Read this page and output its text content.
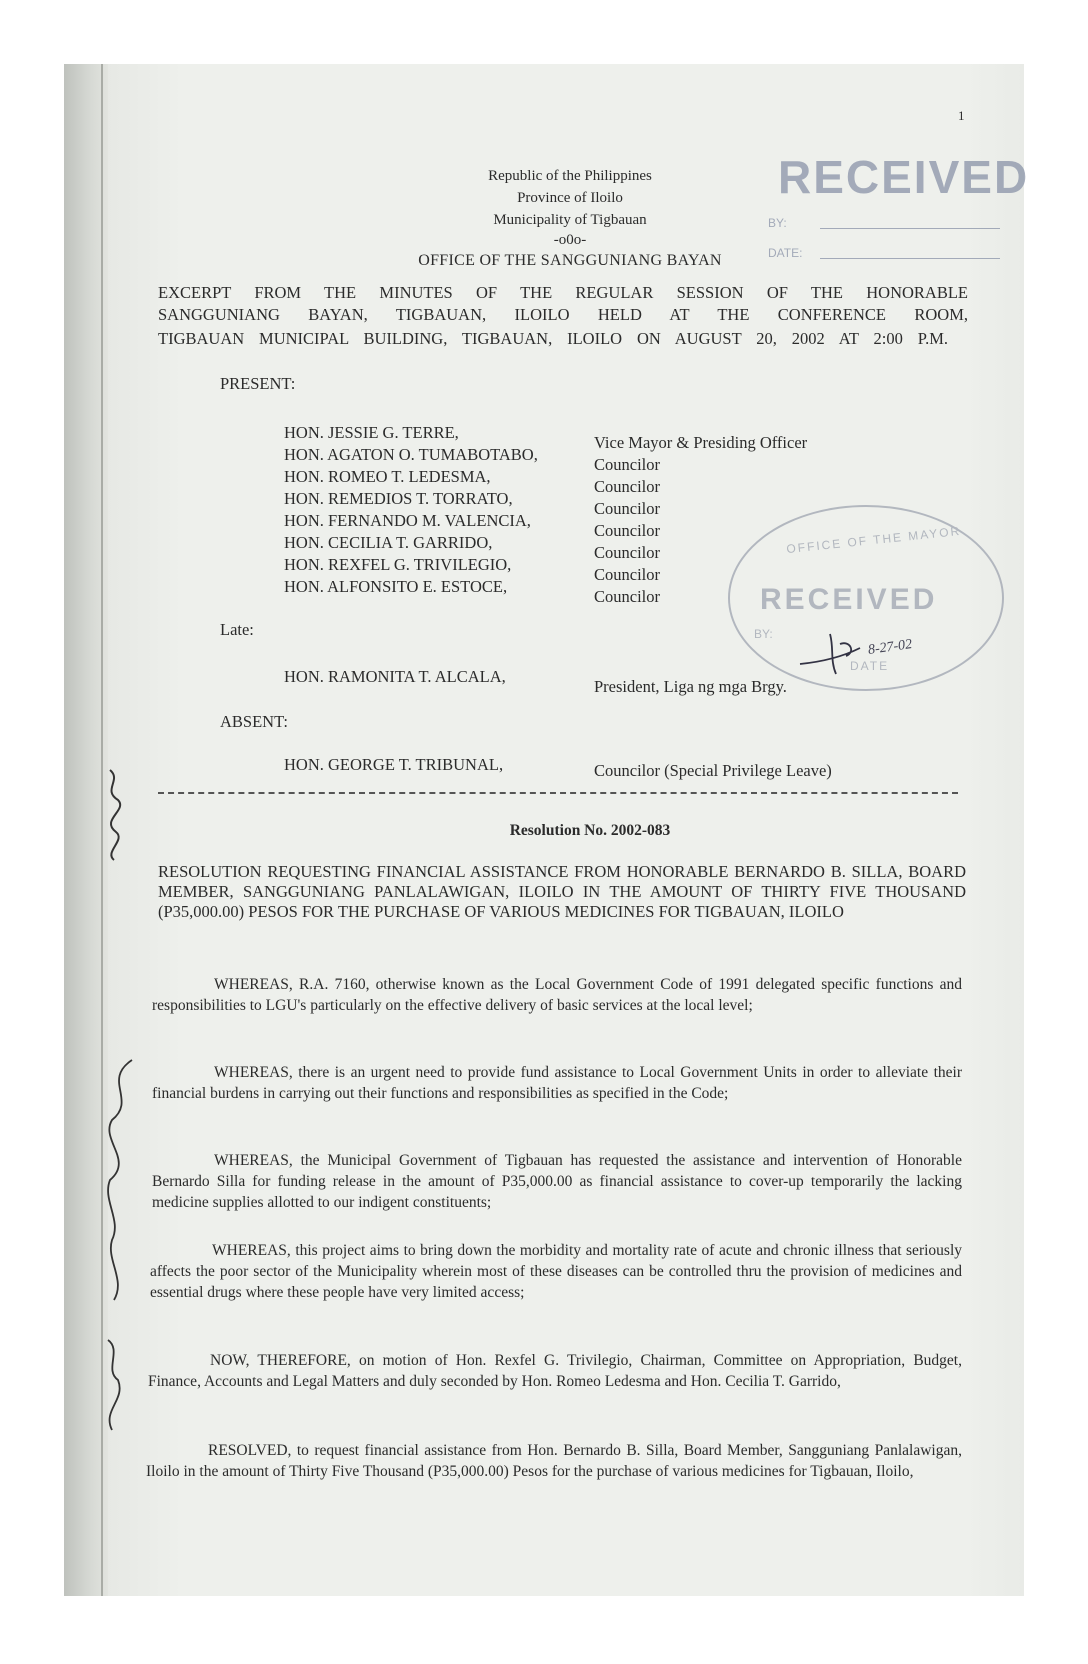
1
RECEIVED
BY:
DATE:
Republic of the Philippines
Province of Iloilo
Municipality of Tigbauan
-o0o-
OFFICE OF THE SANGGUNIANG BAYAN
EXCERPT FROM THE MINUTES OF THE REGULAR SESSION OF THE HONORABLE
SANGGUNIANG BAYAN, TIGBAUAN, ILOILO HELD AT THE CONFERENCE ROOM,
TIGBAUAN MUNICIPAL BUILDING, TIGBAUAN, ILOILO ON AUGUST 20, 2002 AT 2:00 P.M.
PRESENT:
HON. JESSIE G. TERRE,
Vice Mayor & Presiding Officer
HON. AGATON O. TUMABOTABO,
Councilor
HON. ROMEO T. LEDESMA,
Councilor
HON. REMEDIOS T. TORRATO,
Councilor
HON. FERNANDO M. VALENCIA,
Councilor
HON. CECILIA T. GARRIDO,
Councilor
HON. REXFEL G. TRIVILEGIO,
Councilor
HON. ALFONSITO E. ESTOCE,
Councilor
OFFICE OF THE MAYOR
RECEIVED
BY:
DATE
8-27-02
Late:
HON. RAMONITA T. ALCALA,
President, Liga ng mga Brgy.
ABSENT:
HON. GEORGE T. TRIBUNAL,	Councilor (Special Privilege Leave)
Resolution No. 2002-083
RESOLUTION REQUESTING FINANCIAL ASSISTANCE FROM HONORABLE BERNARDO B. SILLA, BOARD MEMBER, SANGGUNIANG PANLALAWIGAN, ILOILO IN THE AMOUNT OF THIRTY FIVE THOUSAND (P35,000.00) PESOS FOR THE PURCHASE OF VARIOUS MEDICINES FOR TIGBAUAN, ILOILO
WHEREAS, R.A. 7160, otherwise known as the Local Government Code of 1991 delegated specific functions and responsibilities to LGU's particularly on the effective delivery of basic services at the local level;
WHEREAS, there is an urgent need to provide fund assistance to Local Government Units in order to alleviate their financial burdens in carrying out their functions and responsibilities as specified in the Code;
WHEREAS, the Municipal Government of Tigbauan has requested the assistance and intervention of Honorable Bernardo Silla for funding release in the amount of P35,000.00 as financial assistance to cover-up temporarily the lacking medicine supplies allotted to our indigent constituents;
WHEREAS, this project aims to bring down the morbidity and mortality rate of acute and chronic illness that seriously affects the poor sector of the Municipality wherein most of these diseases can be controlled thru the provision of medicines and essential drugs where these people have very limited access;
NOW, THEREFORE, on motion of Hon. Rexfel G. Trivilegio, Chairman, Committee on Appropriation, Budget, Finance, Accounts and Legal Matters and duly seconded by Hon. Romeo Ledesma and Hon. Cecilia T. Garrido,
RESOLVED, to request financial assistance from Hon. Bernardo B. Silla, Board Member, Sangguniang Panlalawigan, Iloilo in the amount of Thirty Five Thousand (P35,000.00) Pesos for the purchase of various medicines for Tigbauan, Iloilo,
